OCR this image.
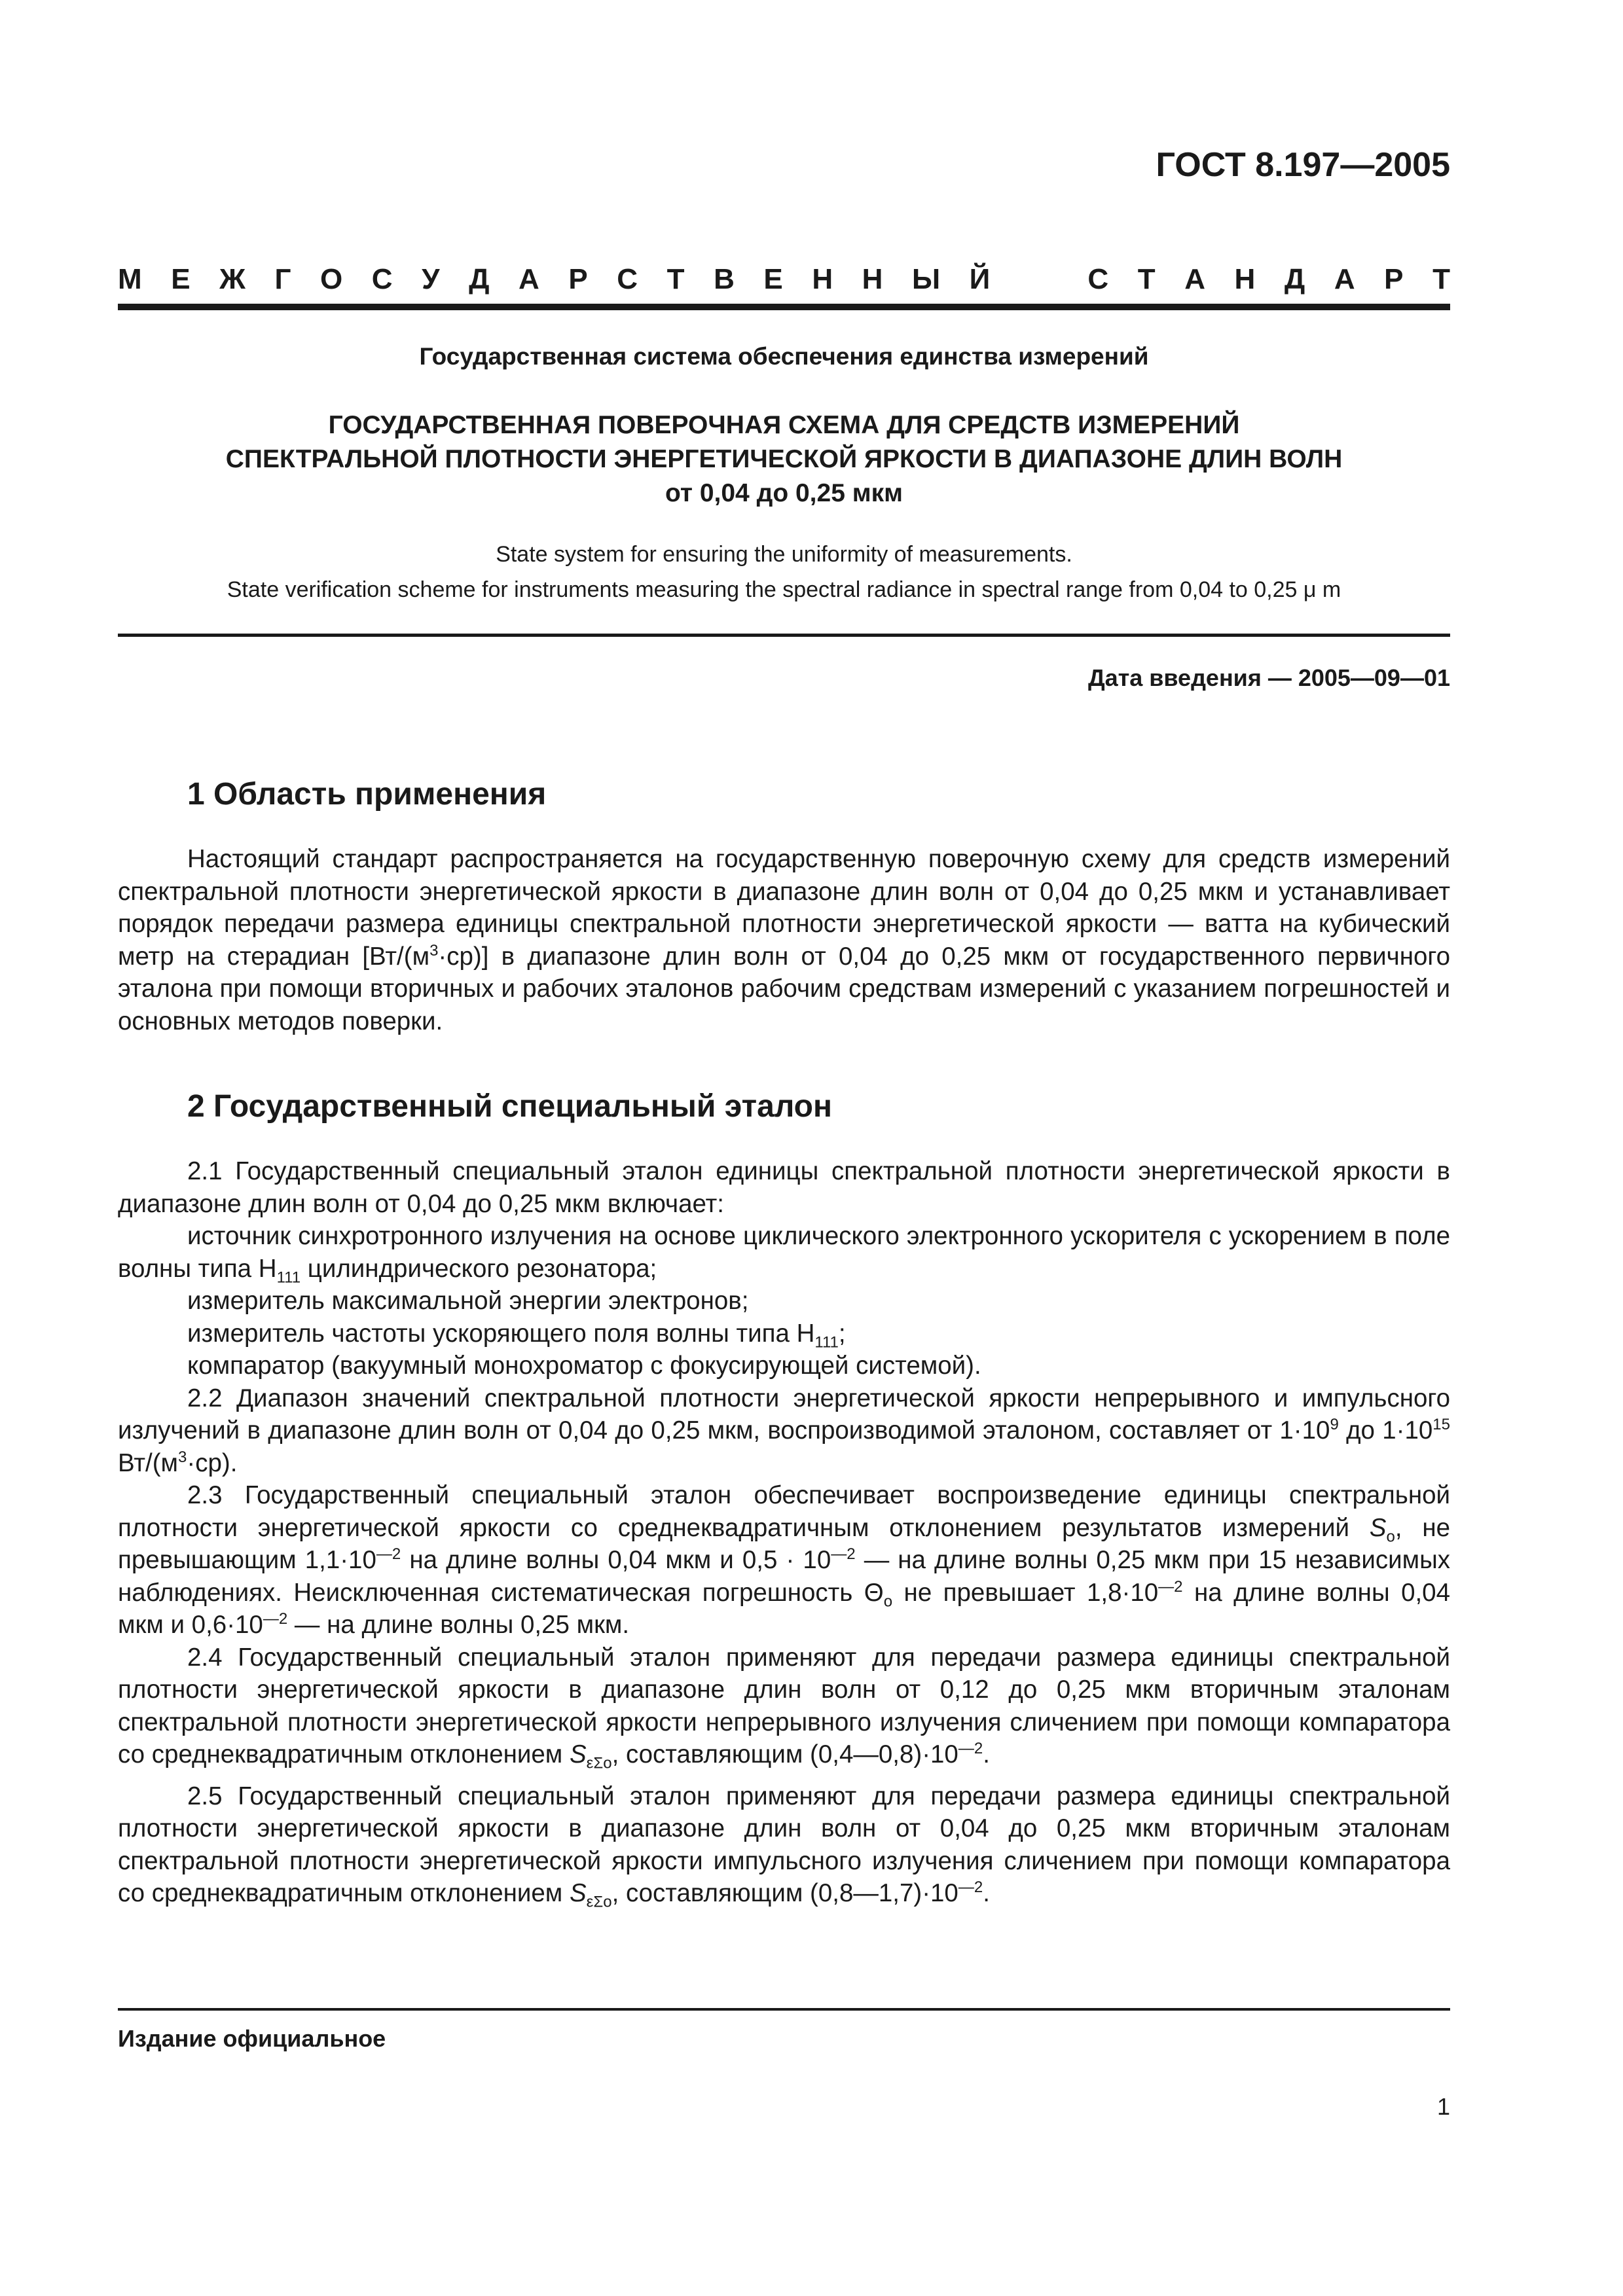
ГОСТ 8.197—2005
М Е Ж Г О С У Д А Р С Т В Е Н Н Ы Й	С Т А Н Д А Р Т
Государственная система обеспечения единства измерений
ГОСУДАРСТВЕННАЯ ПОВЕРОЧНАЯ СХЕМА ДЛЯ СРЕДСТВ ИЗМЕРЕНИЙ
СПЕКТРАЛЬНОЙ ПЛОТНОСТИ ЭНЕРГЕТИЧЕСКОЙ ЯРКОСТИ В ДИАПАЗОНЕ ДЛИН ВОЛН
от 0,04 до 0,25 мкм
State system for ensuring the uniformity of measurements.
State verification scheme for instruments measuring the spectral radiance in spectral range from 0,04 to 0,25 μ m
Дата введения — 2005—09—01
1 Область применения

Настоящий стандарт распространяется на государственную поверочную схему для средств измерений спектральной плотности энергетической яркости в диапазоне длин волн от 0,04 до 0,25 мкм и устанавливает порядок передачи размера единицы спектральной плотности энергетической яркости — ватта на кубический метр на стерадиан $[Вт/(м^3\cdot ср)]$ в диапазоне длин волн от 0,04 до 0,25 мкм от государственного первичного эталона при помощи вторичных и рабочих эталонов рабочим средствам измерений с указанием погрешностей и основных методов поверки.

2 Государственный специальный эталон

2.1 Государственный специальный эталон единицы спектральной плотности энергетической яркости в диапазоне длин волн от 0,04 до 0,25 мкм включает:

источник синхротронного излучения на основе циклического электронного ускорителя с ускорением в поле волны типа $H_{111}$ цилиндрического резонатора;

измеритель максимальной энергии электронов;

измеритель частоты ускоряющего поля волны типа $H_{111}$;

компаратор (вакуумный монохроматор с фокусирующей системой).

2.2 Диапазон значений спектральной плотности энергетической яркости непрерывного и импульсного излучений в диапазоне длин волн от 0,04 до 0,25 мкм, воспроизводимой эталоном, составляет от $1\cdot 10^9$ до $1\cdot 10^{15}$ $Вт/(м^3\cdot ср)$.

2.3 Государственный специальный эталон обеспечивает воспроизведение единицы спектральной плотности энергетической яркости со среднеквадратичным отклонением результатов измерений $S_o$, не превышающим $1,1\cdot 10^{—2}$ на длине волны 0,04 мкм и $0,5 \cdot 10^{—2}$ — на длине волны 0,25 мкм при 15 независимых наблюдениях. Неисключенная систематическая погрешность $\Theta_o$ не превышает $1,8\cdot 10^{—2}$ на длине волны 0,04 мкм и $0,6\cdot 10^{—2}$ — на длине волны 0,25 мкм.

2.4 Государственный специальный эталон применяют для передачи размера единицы спектральной плотности энергетической яркости в диапазоне длин волн от 0,12 до 0,25 мкм вторичным эталонам спектральной плотности энергетической яркости непрерывного излучения сличением при помощи компаратора со среднеквадратичным отклонением $S_{\varepsilon\Sigma o}$, составляющим $(0,4—0,8)\cdot 10^{—2}$.

2.5 Государственный специальный эталон применяют для передачи размера единицы спектральной плотности энергетической яркости в диапазоне длин волн от 0,04 до 0,25 мкм вторичным эталонам спектральной плотности энергетической яркости импульсного излучения сличением при помощи компаратора со среднеквадратичным отклонением $S_{\varepsilon\Sigma o}$, составляющим $(0,8—1,7)\cdot 10^{—2}$.

Издание официальное
1
